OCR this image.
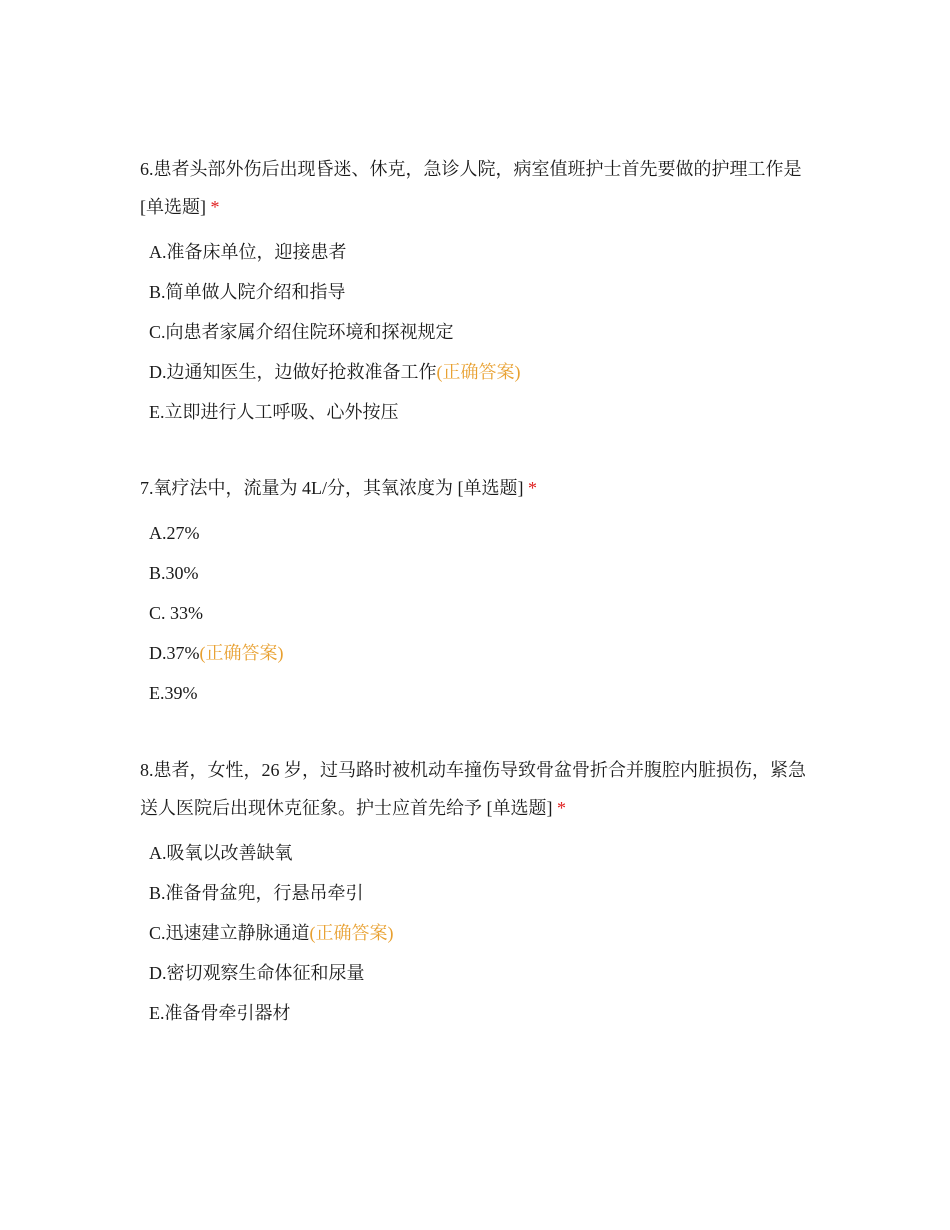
6.患者头部外伤后出现昏迷、休克，急诊人院，病室值班护士首先要做的护理工作是 [单选题] *

A.准备床单位，迎接患者
B.简单做人院介绍和指导
C.向患者家属介绍住院环境和探视规定
D.边通知医生，边做好抢救准备工作(正确答案)
E.立即进行人工呼吸、心外按压

7.氧疗法中，流量为 4L/分，其氧浓度为 [单选题] *

A.27%
B.30%
C. 33%
D.37%(正确答案)
E.39%

8.患者，女性，26 岁，过马路时被机动车撞伤导致骨盆骨折合并腹腔内脏损伤，紧急送人医院后出现休克征象。护士应首先给予 [单选题] *

A.吸氧以改善缺氧
B.准备骨盆兜，行悬吊牵引
C.迅速建立静脉通道(正确答案)
D.密切观察生命体征和尿量
E.准备骨牵引器材
